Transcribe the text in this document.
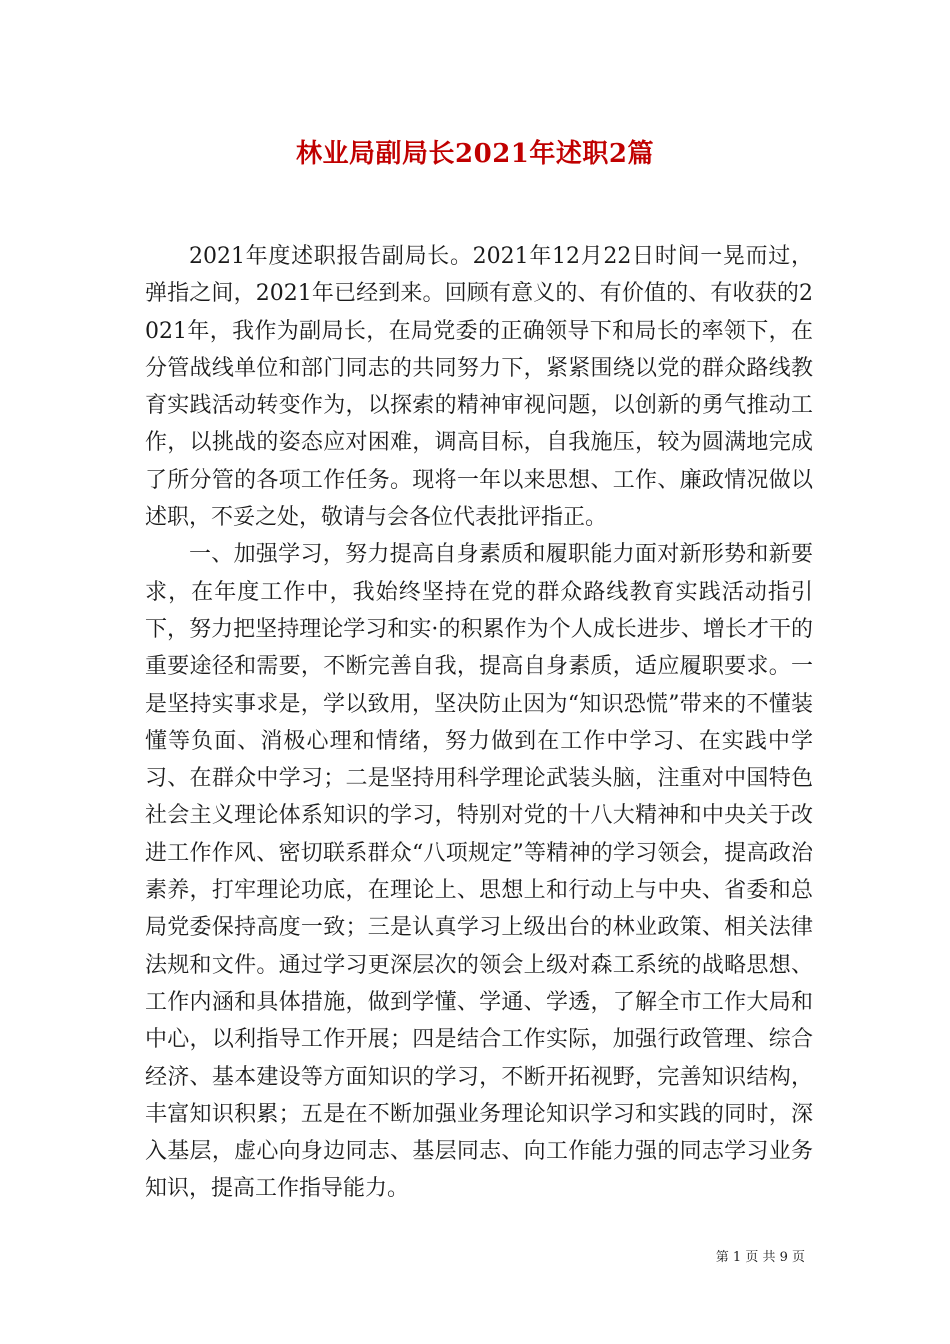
林业局副局长2021年述职2篇

2021年度述职报告副局长。2021年12月22日时间一晃而过，弹指之间，2021年已经到来。回顾有意义的、有价值的、有收获的2021年，我作为副局长，在局党委的正确领导下和局长的率领下，在分管战线单位和部门同志的共同努力下，紧紧围绕以党的群众路线教育实践活动转变作为，以探索的精神审视问题，以创新的勇气推动工作，以挑战的姿态应对困难，调高目标，自我施压，较为圆满地完成了所分管的各项工作任务。现将一年以来思想、工作、廉政情况做以述职，不妥之处，敬请与会各位代表批评指正。

一、加强学习，努力提高自身素质和履职能力面对新形势和新要求，在年度工作中，我始终坚持在党的群众路线教育实践活动指引下，努力把坚持理论学习和实·的积累作为个人成长进步、增长才干的重要途径和需要，不断完善自我，提高自身素质，适应履职要求。一是坚持实事求是，学以致用，坚决防止因为“知识恐慌”带来的不懂装懂等负面、消极心理和情绪，努力做到在工作中学习、在实践中学习、在群众中学习；二是坚持用科学理论武装头脑，注重对中国特色社会主义理论体系知识的学习，特别对党的十八大精神和中央关于改进工作作风、密切联系群众“八项规定”等精神的学习领会，提高政治素养，打牢理论功底，在理论上、思想上和行动上与中央、省委和总局党委保持高度一致；三是认真学习上级出台的林业政策、相关法律法规和文件。通过学习更深层次的领会上级对森工系统的战略思想、工作内涵和具体措施，做到学懂、学通、学透，了解全市工作大局和中心，以利指导工作开展；四是结合工作实际，加强行政管理、综合经济、基本建设等方面知识的学习，不断开拓视野，完善知识结构，丰富知识积累；五是在不断加强业务理论知识学习和实践的同时，深入基层，虚心向身边同志、基层同志、向工作能力强的同志学习业务知识，提高工作指导能力。

第 1 页 共 9 页
